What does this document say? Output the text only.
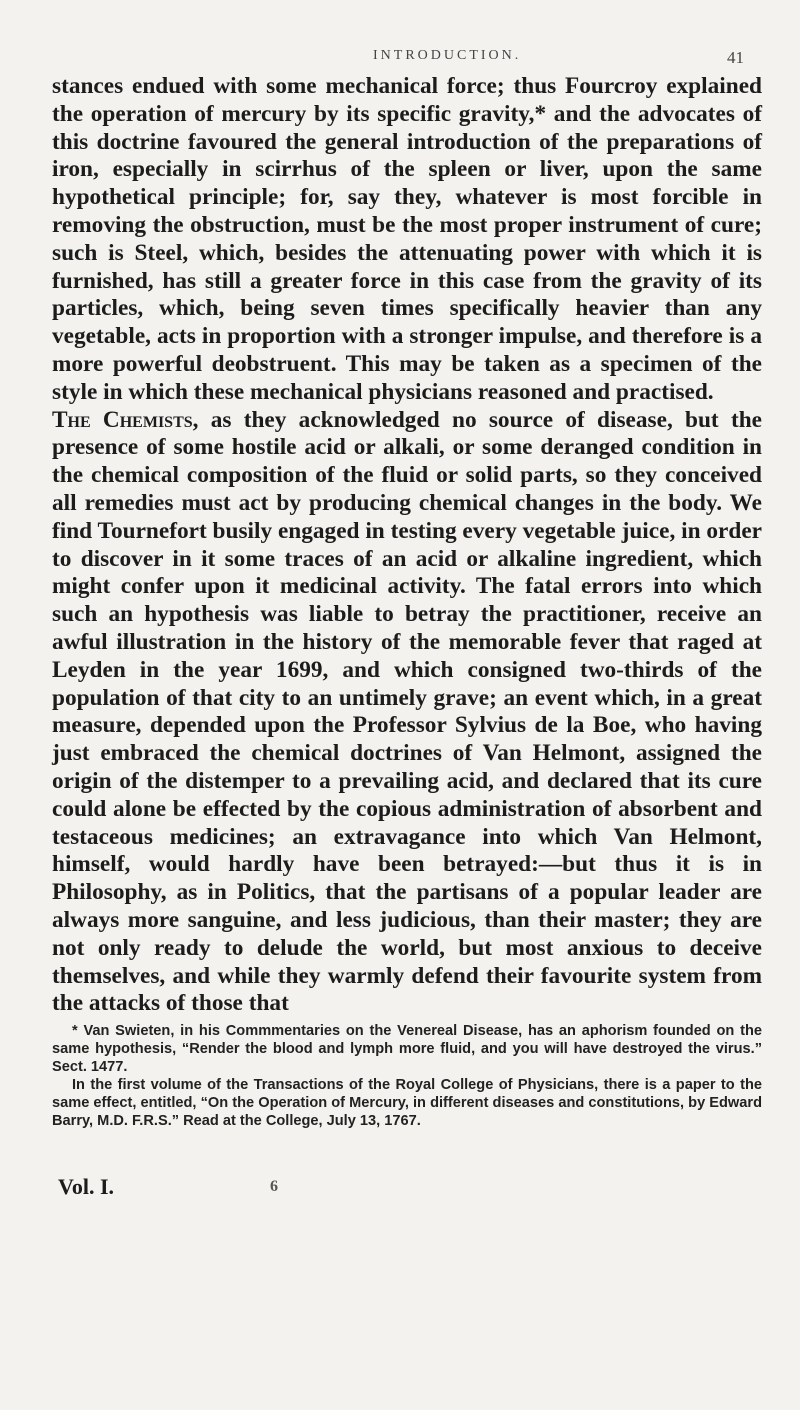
INTRODUCTION.	41

stances endued with some mechanical force; thus Fourcroy explained the operation of mercury by its specific gravity,* and the advocates of this doctrine favoured the general introduction of the preparations of iron, especially in scirrhus of the spleen or liver, upon the same hypothetical principle; for, say they, whatever is most forcible in removing the obstruction, must be the most proper instrument of cure; such is Steel, which, besides the attenuating power with which it is furnished, has still a greater force in this case from the gravity of its particles, which, being seven times specifically heavier than any vegetable, acts in proportion with a stronger impulse, and therefore is a more powerful deobstruent. This may be taken as a specimen of the style in which these mechanical physicians reasoned and practised.

The Chemists, as they acknowledged no source of disease, but the presence of some hostile acid or alkali, or some deranged condition in the chemical composition of the fluid or solid parts, so they conceived all remedies must act by producing chemical changes in the body. We find Tournefort busily engaged in testing every vegetable juice, in order to discover in it some traces of an acid or alkaline ingredient, which might confer upon it medicinal activity. The fatal errors into which such an hypothesis was liable to betray the practitioner, receive an awful illustration in the history of the memorable fever that raged at Leyden in the year 1699, and which consigned two-thirds of the population of that city to an untimely grave; an event which, in a great measure, depended upon the Professor Sylvius de la Boe, who having just embraced the chemical doctrines of Van Helmont, assigned the origin of the distemper to a prevailing acid, and declared that its cure could alone be effected by the copious administration of absorbent and testaceous medicines; an extravagance into which Van Helmont, himself, would hardly have been betrayed:—but thus it is in Philosophy, as in Politics, that the partisans of a popular leader are always more sanguine, and less judicious, than their master; they are not only ready to delude the world, but most anxious to deceive themselves, and while they warmly defend their favourite system from the attacks of those that

* Van Swieten, in his Commmentaries on the Venereal Disease, has an aphorism founded on the same hypothesis, “Render the blood and lymph more fluid, and you will have destroyed the virus.” Sect. 1477.

In the first volume of the Transactions of the Royal College of Physicians, there is a paper to the same effect, entitled, “On the Operation of Mercury, in different diseases and constitutions, by Edward Barry, M.D. F.R.S.” Read at the College, July 13, 1767.

Vol. I.	6
